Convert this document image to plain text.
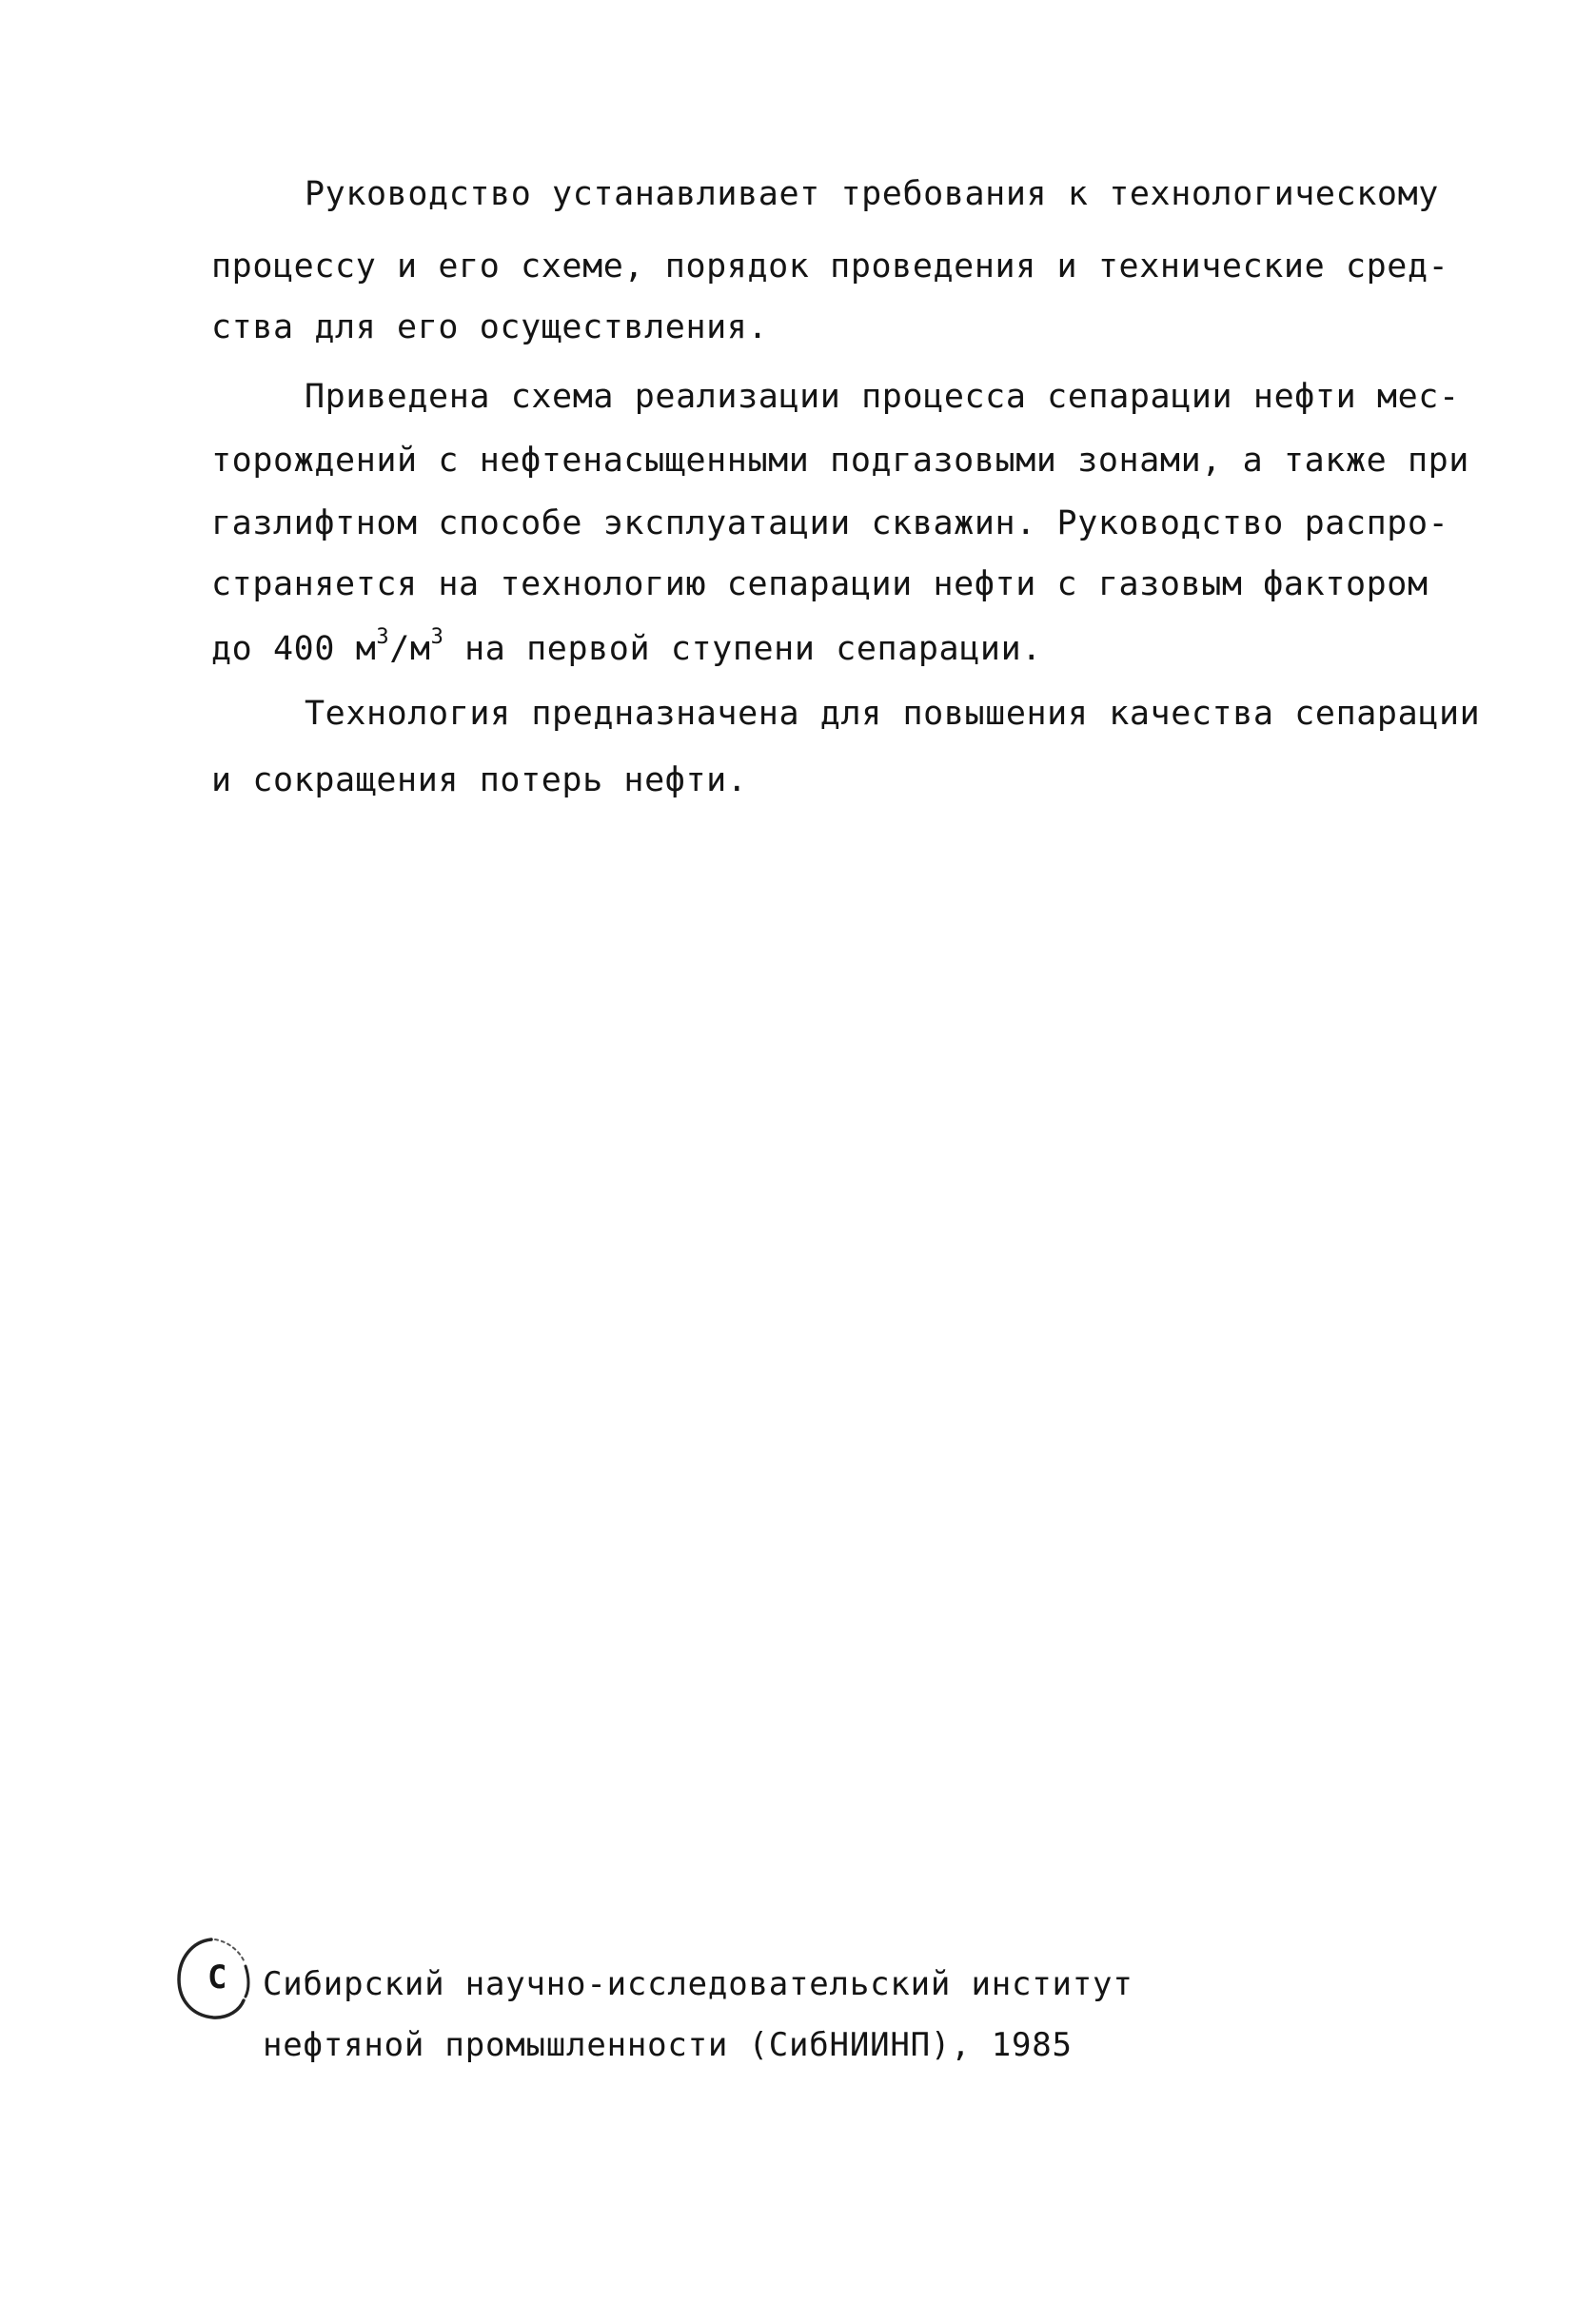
Руководство устанавливает требования к технологическому
процессу и его схеме, порядок проведения и технические сред-
ства для его осуществления.
Приведена схема реализации процесса сепарации нефти мес-
торождений с нефтенасыщенными подгазовыми зонами, а также при
газлифтном способе эксплуатации скважин. Руководство распро-
страняется на технологию сепарации нефти с газовым фактором
до 400 $м^3/м^3$ на первой ступени сепарации.
Технология предназначена для повышения качества сепарации
и сокращения потерь нефти.
С Сибирский научно-исследовательский институт
нефтяной промышленности (СибНИИНП), 1985
